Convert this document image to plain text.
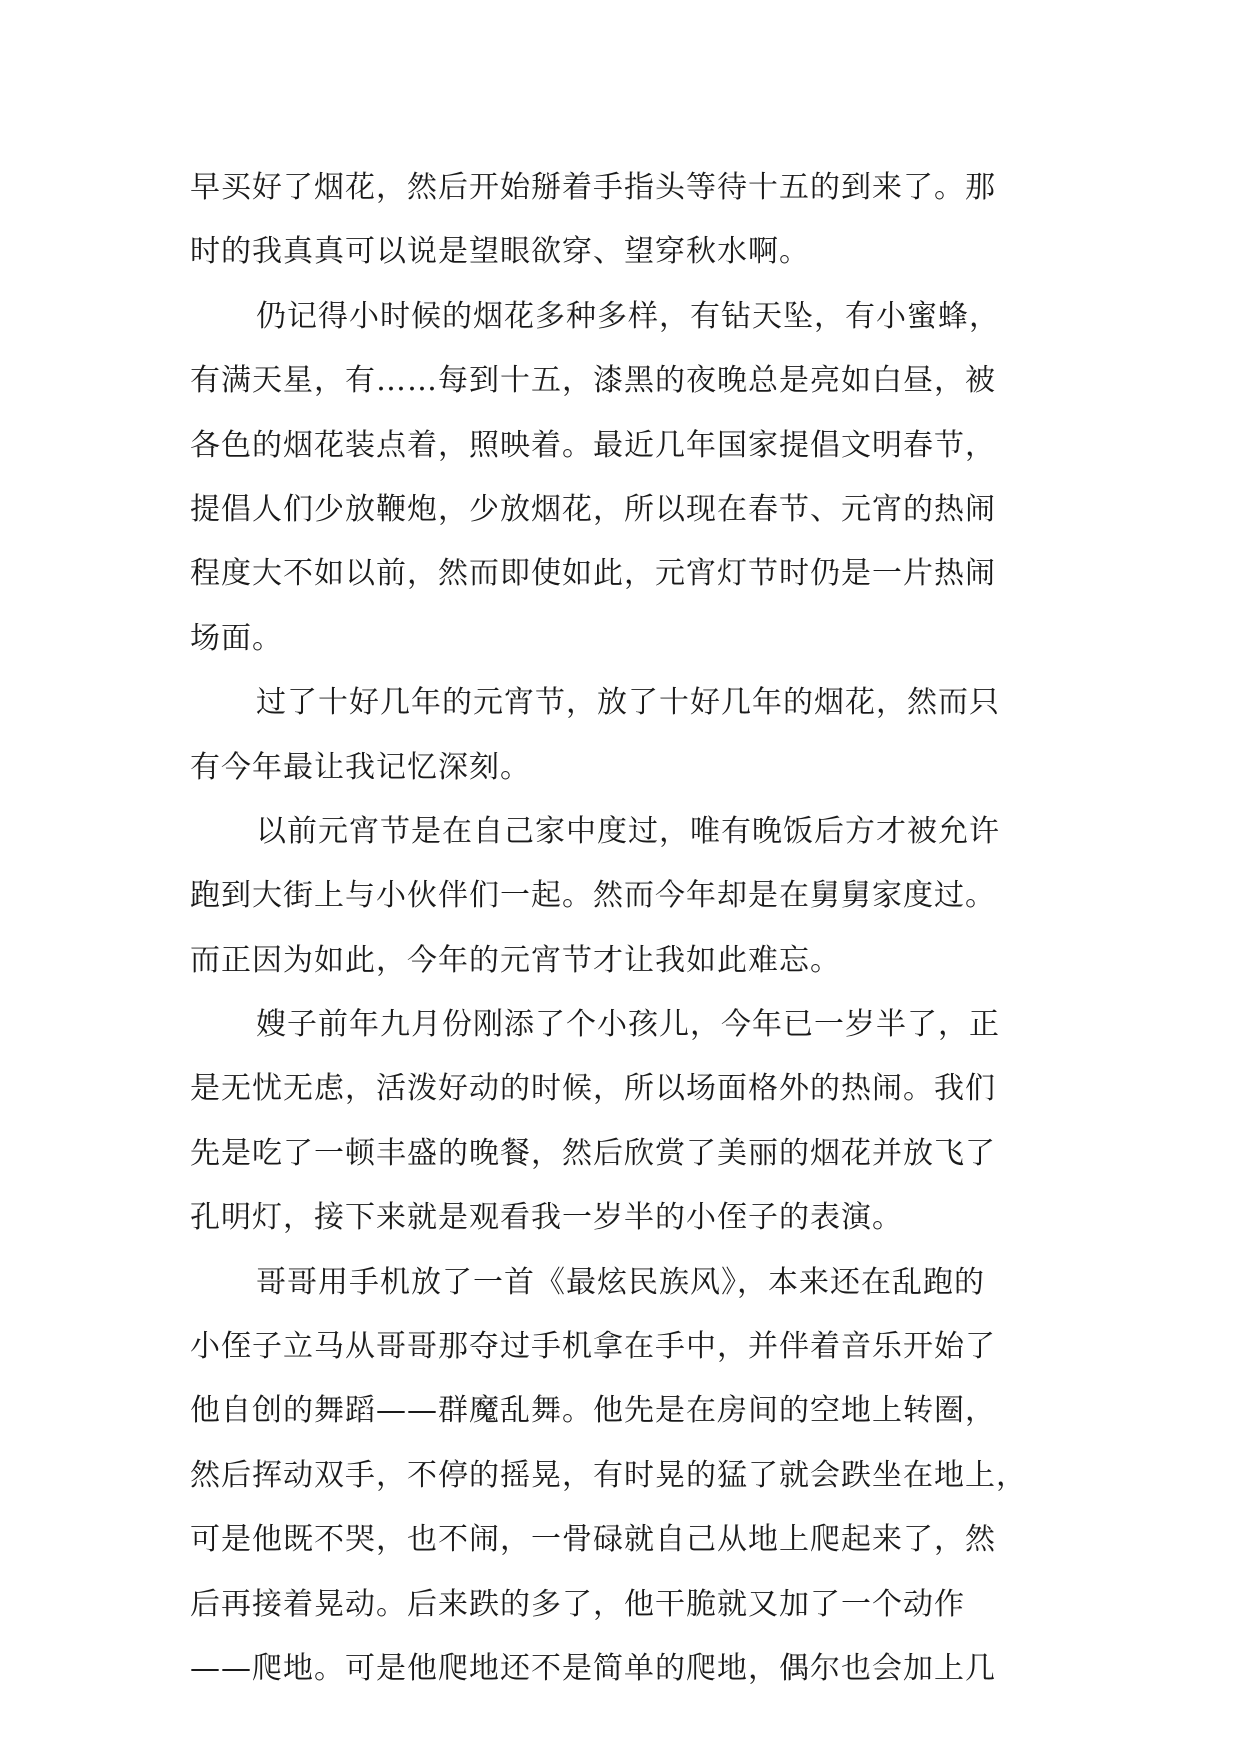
早买好了烟花，然后开始掰着手指头等待十五的到来了。那
时的我真真可以说是望眼欲穿、望穿秋水啊。
仍记得小时候的烟花多种多样，有钻天坠，有小蜜蜂，
有满天星，有……每到十五，漆黑的夜晚总是亮如白昼，被
各色的烟花装点着，照映着。最近几年国家提倡文明春节，
提倡人们少放鞭炮，少放烟花，所以现在春节、元宵的热闹
程度大不如以前，然而即使如此，元宵灯节时仍是一片热闹
场面。
过了十好几年的元宵节，放了十好几年的烟花，然而只
有今年最让我记忆深刻。
以前元宵节是在自己家中度过，唯有晚饭后方才被允许
跑到大街上与小伙伴们一起。然而今年却是在舅舅家度过。
而正因为如此，今年的元宵节才让我如此难忘。
嫂子前年九月份刚添了个小孩儿，今年已一岁半了，正
是无忧无虑，活泼好动的时候，所以场面格外的热闹。我们
先是吃了一顿丰盛的晚餐，然后欣赏了美丽的烟花并放飞了
孔明灯，接下来就是观看我一岁半的小侄子的表演。
哥哥用手机放了一首《最炫民族风》，本来还在乱跑的
小侄子立马从哥哥那夺过手机拿在手中，并伴着音乐开始了
他自创的舞蹈——群魔乱舞。他先是在房间的空地上转圈，
然后挥动双手，不停的摇晃，有时晃的猛了就会跌坐在地上，
可是他既不哭，也不闹，一骨碌就自己从地上爬起来了，然
后再接着晃动。后来跌的多了，他干脆就又加了一个动作
——爬地。可是他爬地还不是简单的爬地，偶尔也会加上几
